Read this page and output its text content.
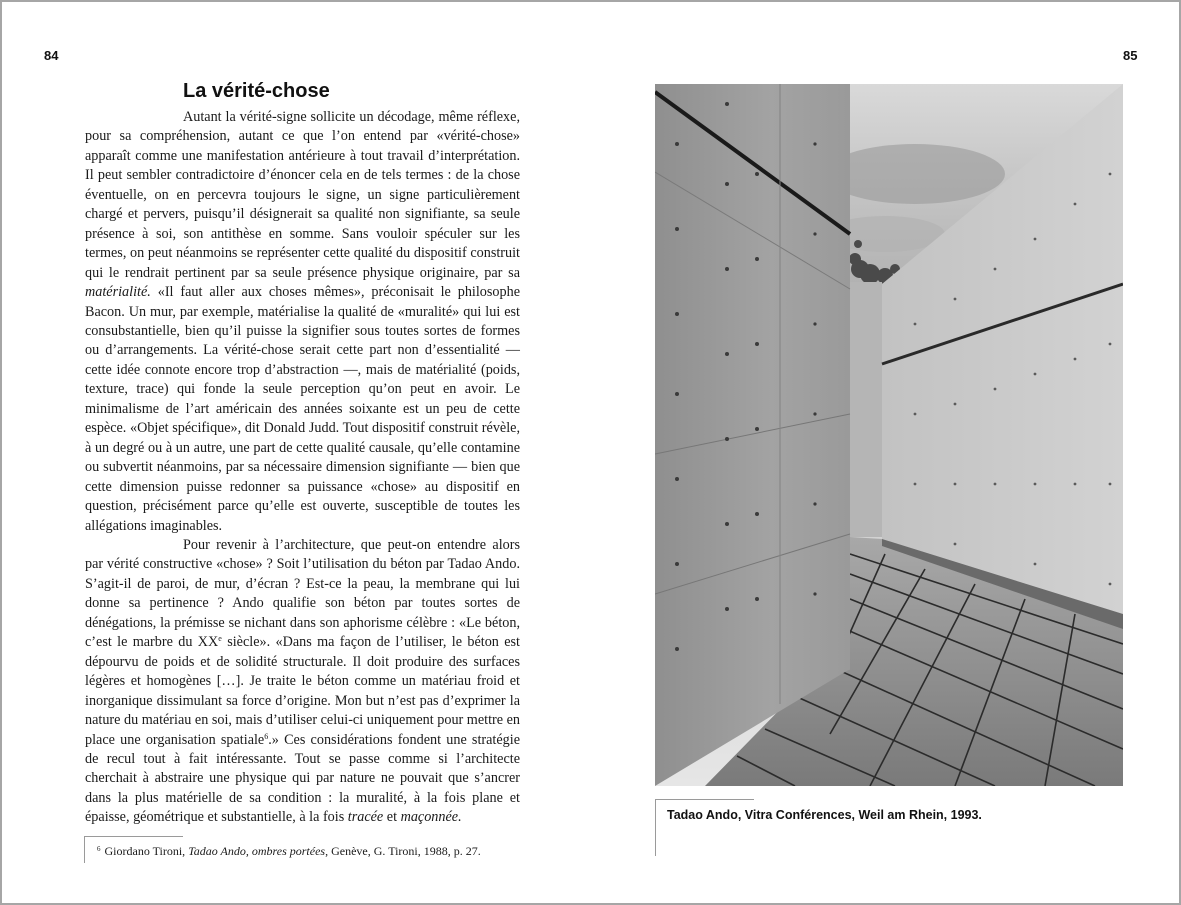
84
La vérité-chose

Autant la vérité-signe sollicite un décodage, même réflexe, pour sa compréhension, autant ce que l’on entend par «vérité-chose» apparaît comme une manifestation antérieure à tout travail d’interprétation. Il peut sembler contradictoire d’énoncer cela en de tels termes : de la chose éventuelle, on en percevra toujours le signe, un signe particulièrement chargé et pervers, puisqu’il désignerait sa qualité non signifiante, sa seule présence à soi, son antithèse en somme. Sans vouloir spéculer sur les termes, on peut néanmoins se représenter cette qualité du dispositif construit qui le rendrait pertinent par sa seule présence physique originaire, par sa matérialité. «Il faut aller aux choses mêmes», préconisait le philosophe Bacon. Un mur, par exemple, matérialise la qualité de «muralité» qui lui est consubstantielle, bien qu’il puisse la signifier sous toutes sortes de formes ou d’arrangements. La vérité-chose serait cette part non d’essentialité — cette idée connote encore trop d’abstraction —, mais de matérialité (poids, texture, trace) qui fonde la seule perception qu’on peut en avoir. Le minimalisme de l’art américain des années soixante est un peu de cette espèce. «Objet spécifique», dit Donald Judd. Tout dispositif construit révèle, à un degré ou à un autre, une part de cette qualité causale, qu’elle contamine ou subvertit néanmoins, par sa nécessaire dimension signifiante — bien que cette dimension puisse redonner sa puissance «chose» au dispositif en question, précisément parce qu’elle est ouverte, susceptible de toutes les allégations imaginables.

Pour revenir à l’architecture, que peut-on entendre alors par vérité constructive «chose» ? Soit l’utilisation du béton par Tadao Ando. S’agit-il de paroi, de mur, d’écran ? Est-ce la peau, la membrane qui lui donne sa pertinence ? Ando qualifie son béton par toutes sortes de dénégations, la prémisse se nichant dans son aphorisme célèbre : «Le béton, c’est le marbre du XXe siècle». «Dans ma façon de l’utiliser, le béton est dépourvu de poids et de solidité structurale. Il doit produire des surfaces légères et homogènes […]. Je traite le béton comme un matériau froid et inorganique dissimulant sa force d’origine. Mon but n’est pas d’exprimer la nature du matériau en soi, mais d’utiliser celui-ci uniquement pour mettre en place une organisation spatiale$^6$.» Ces considérations fondent une stratégie de recul tout à fait intéressante. Tout se passe comme si l’architecte cherchait à abstraire une physique qui par nature ne pouvait que s’ancrer dans la plus matérielle de sa condition : la muralité, à la fois plane et épaisse, géométrique et substantielle, à la fois tracée et maçonnée.

$^6$ Giordano Tironi, Tadao Ando, ombres portées, Genève, G. Tironi, 1988, p. 27.
85
Tadao Ando, Vitra Conférences, Weil am Rhein, 1993.
